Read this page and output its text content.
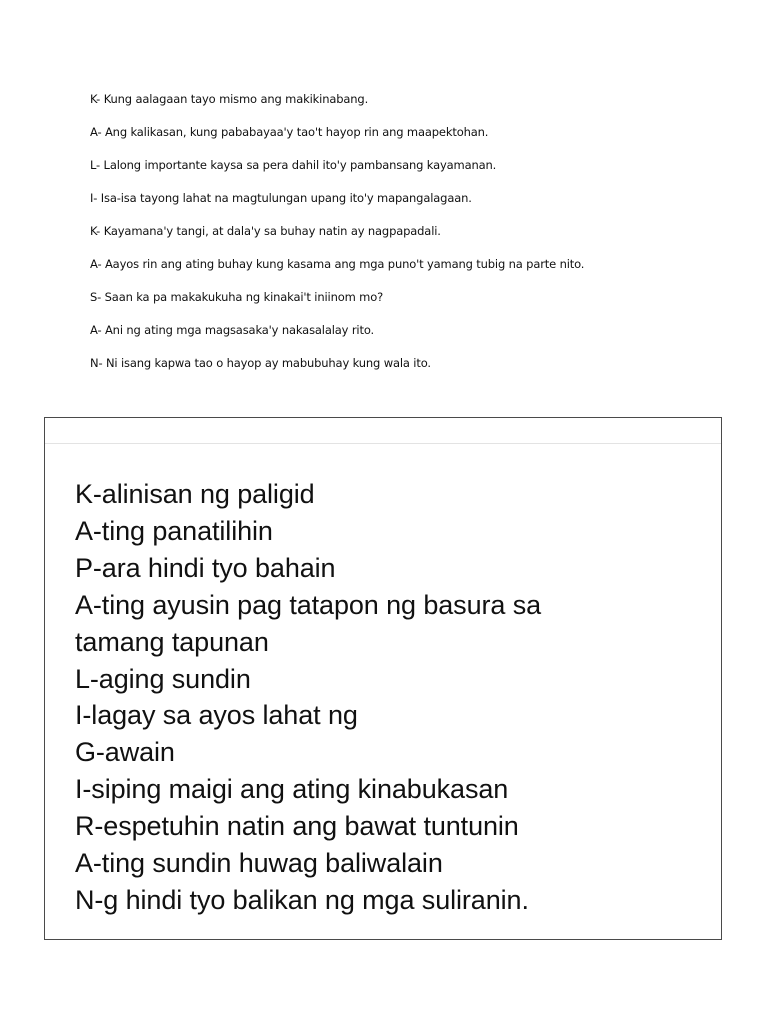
K- Kung aalagaan tayo mismo ang makikinabang.
A- Ang kalikasan, kung pababayaa'y tao't hayop rin ang maapektohan.
L- Lalong importante kaysa sa pera dahil ito'y pambansang kayamanan.
I- Isa-isa tayong lahat na magtulungan upang ito'y mapangalagaan.
K- Kayamana'y tangi, at dala'y sa buhay natin ay nagpapadali.
A- Aayos rin ang ating buhay kung kasama ang mga puno't yamang tubig na parte nito.
S- Saan ka pa makakukuha ng kinakai't iniinom mo?
A- Ani ng ating mga magsasaka'y nakasalalay rito.
N- Ni isang kapwa tao o hayop ay mabubuhay kung wala ito.
K-alinisan ng paligid
A-ting panatilihin
P-ara hindi tyo bahain
A-ting ayusin pag tatapon ng basura sa
tamang tapunan
L-aging sundin
I-lagay sa ayos lahat ng
G-awain
I-siping maigi ang ating kinabukasan
R-espetuhin natin ang bawat tuntunin
A-ting sundin huwag baliwalain
N-g hindi tyo balikan ng mga suliranin.
